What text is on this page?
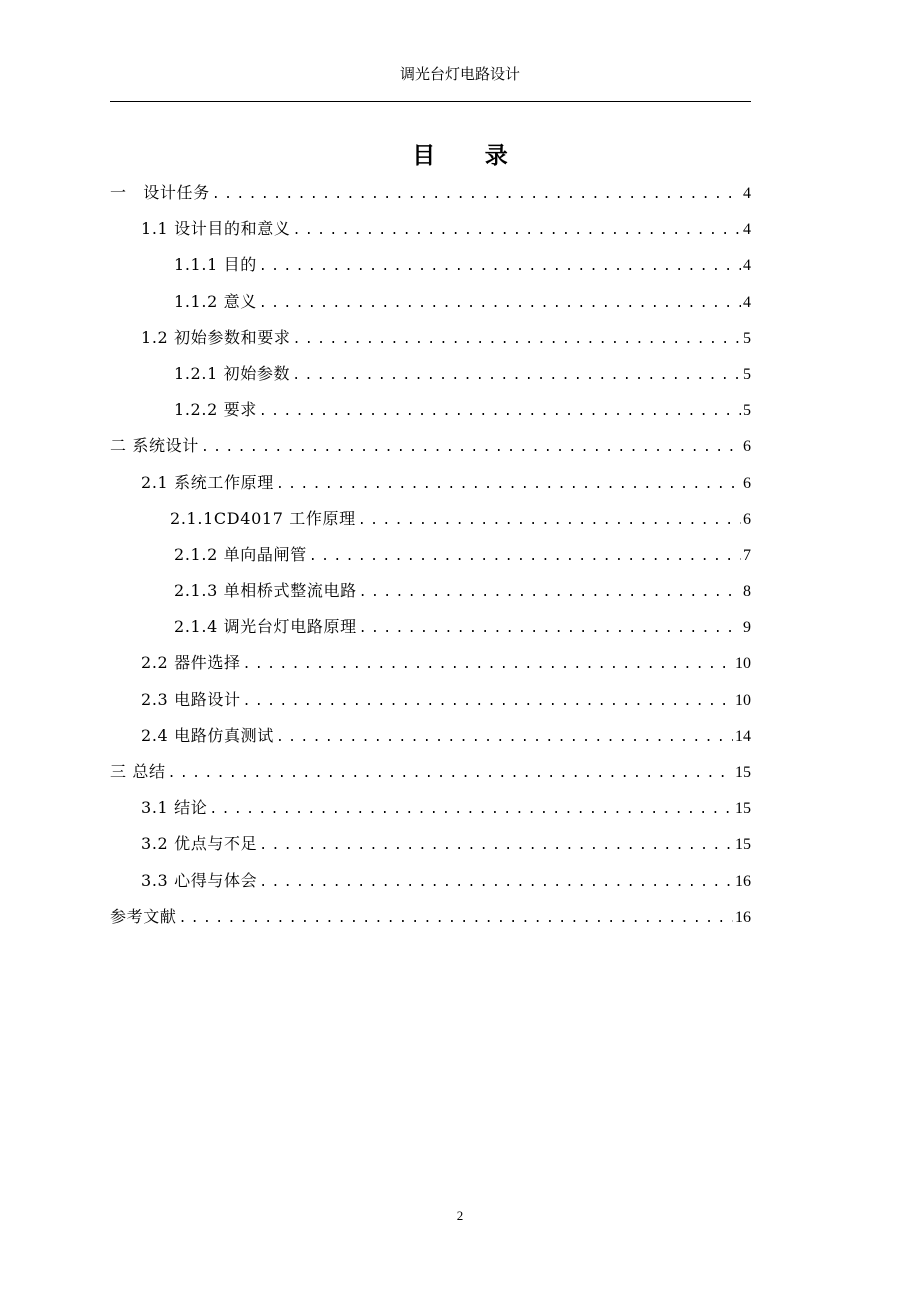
调光台灯电路设计
目 录
一　设计任务 .....	4
1.1 设计目的和意义 .....	4
1.1.1 目的 .....	4
1.1.2 意义 .....	4
1.2 初始参数和要求 .....	5
1.2.1 初始参数 .....	5
1.2.2 要求 .....	5
二 系统设计 .....	6
2.1 系统工作原理 .....	6
2.1.1CD4017 工作原理 .....	6
2.1.2 单向晶闸管 .....	7
2.1.3 单相桥式整流电路 .....	8
2.1.4 调光台灯电路原理 .....	9
2.2 器件选择 .....	10
2.3 电路设计 .....	10
2.4 电路仿真测试 .....	14
三 总结 .....	15
3.1 结论 .....	15
3.2 优点与不足 .....	15
3.3 心得与体会 .....	16
参考文献 .....	16
2
